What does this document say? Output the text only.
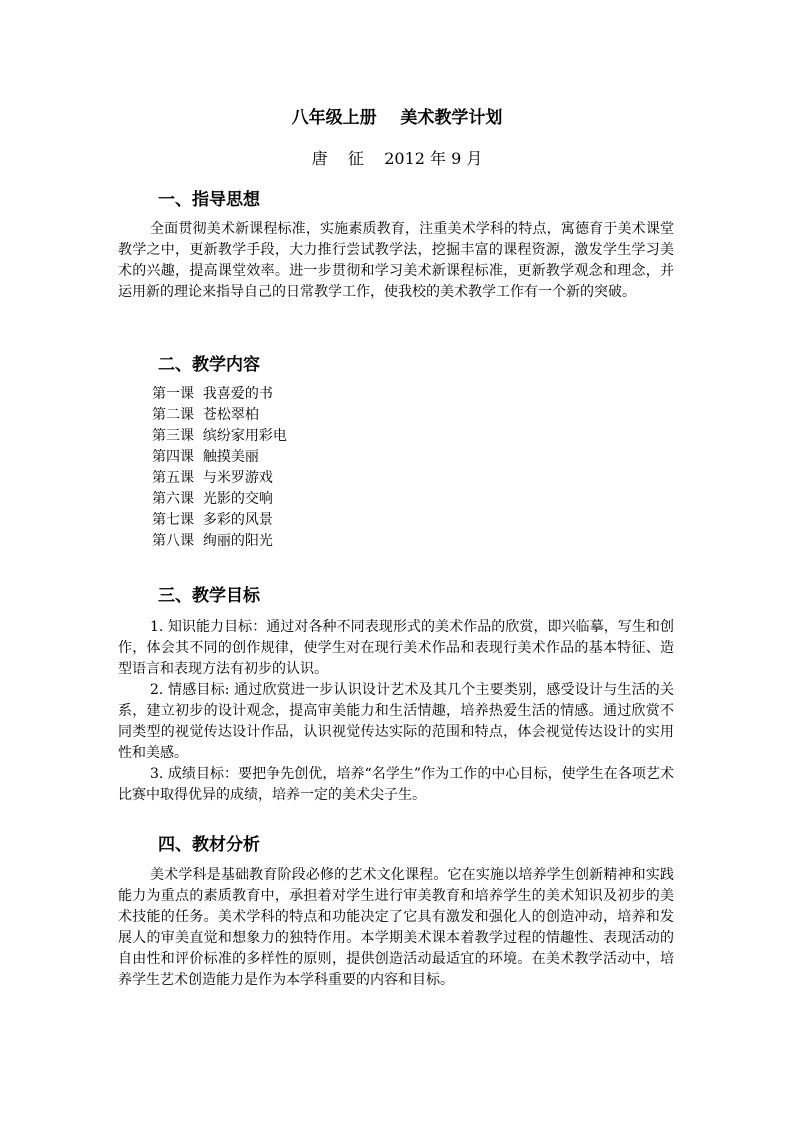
八年级上册    美术教学计划
唐    征    2012 年 9 月
一、指导思想

全面贯彻美术新课程标准，实施素质教育，注重美术学科的特点，寓德育于美术课堂教学之中，更新教学手段，大力推行尝试教学法，挖掘丰富的课程资源，激发学生学习美术的兴趣，提高课堂效率。进一步贯彻和学习美术新课程标准，更新教学观念和理念，并运用新的理论来指导自己的日常教学工作，使我校的美术教学工作有一个新的突破。

二、教学内容
第一课  我喜爱的书
第二课  苍松翠柏
第三课  缤纷家用彩电
第四课  触摸美丽
第五课  与米罗游戏
第六课  光影的交响
第七课  多彩的风景
第八课  绚丽的阳光
三、教学目标

1. 知识能力目标：通过对各种不同表现形式的美术作品的欣赏，即兴临摹，写生和创作，体会其不同的创作规律，使学生对在现行美术作品和表现行美术作品的基本特征、造型语言和表现方法有初步的认识。

2. 情感目标: 通过欣赏进一步认识设计艺术及其几个主要类别，感受设计与生活的关系，建立初步的设计观念，提高审美能力和生活情趣，培养热爱生活的情感。通过欣赏不同类型的视觉传达设计作品，认识视觉传达实际的范围和特点，体会视觉传达设计的实用性和美感。

3. 成绩目标：要把争先创优，培养“名学生”作为工作的中心目标，使学生在各项艺术比赛中取得优异的成绩，培养一定的美术尖子生。

四、教材分析

美术学科是基础教育阶段必修的艺术文化课程。它在实施以培养学生创新精神和实践能力为重点的素质教育中，承担着对学生进行审美教育和培养学生的美术知识及初步的美术技能的任务。美术学科的特点和功能决定了它具有激发和强化人的创造冲动，培养和发展人的审美直觉和想象力的独特作用。本学期美术课本着教学过程的情趣性、表现活动的自由性和评价标准的多样性的原则，提供创造活动最适宜的环境。在美术教学活动中，培养学生艺术创造能力是作为本学科重要的内容和目标。
